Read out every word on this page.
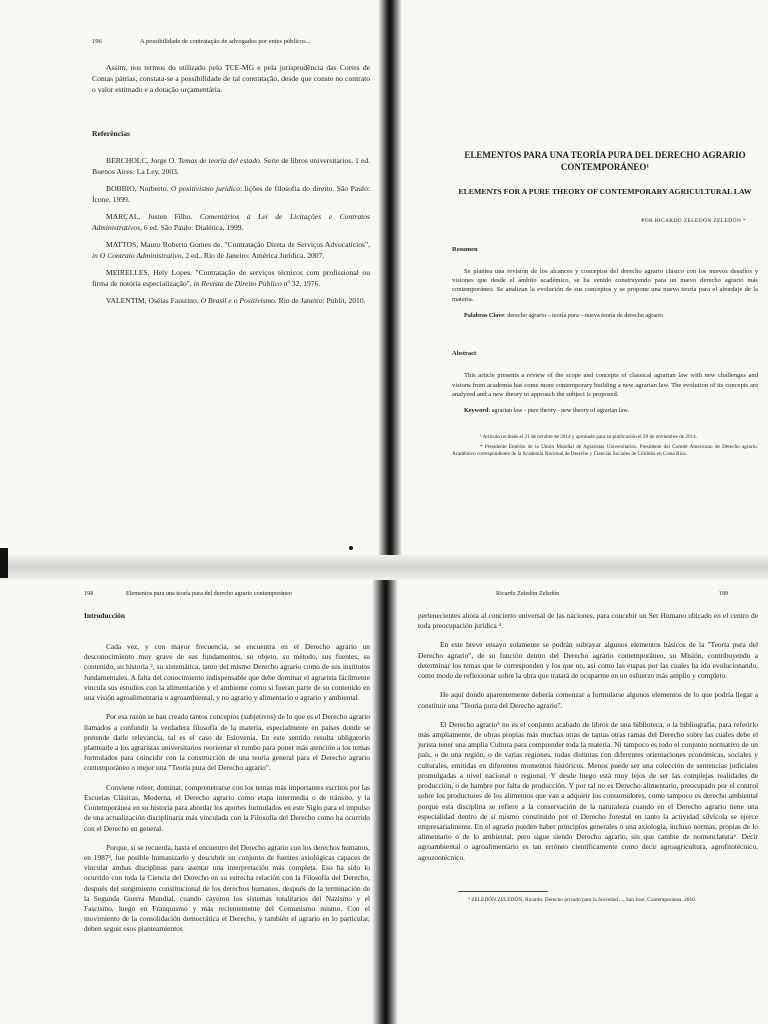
196	A possibilidade de contratação de advogados por entes públicos...

Assim, nos termos do utilizado pelo TCE-MG e pela jurisprudência das Cortes de Contas pátrias, constata-se a possibilidade de tal contratação, desde que conste no contrato o valor estimado e a dotação orçamentária.

Referências

BERCHOLC, Jorge O. Temas de teoría del estado. Serie de libros universitarios. 1 ed. Buenos Aires: La Ley, 2003.

BOBBIO, Norberto. O positivismo jurídico: lições de filosofia do direito. São Paulo: Ícone, 1999.

MARÇAL, Justen Filho. Comentários à Lei de Licitações e Contratos Administrativos, 6 ed. São Paulo: Dialética, 1999.

MATTOS, Mauro Roberto Gomes de. "Contratação Direta de Serviços Advocatícios", in O Contrato Administrativo, 2 ed., Rio de Janeiro: América Jurídica. 2007.

MEIRELLES, Hely Lopes. "Contratação de serviços técnicos com profissional ou firma de notória especialização", in Revista de Direito Público nº 32, 1976.

VALENTIM, Oséias Faustino. O Brasil e o Positivismo. Rio de Janeiro: Publit, 2010.

ELEMENTOS PARA UNA TEORÍA PURA DEL DERECHO AGRARIO CONTEMPORÁNEO¹
ELEMENTS FOR A PURE THEORY OF CONTEMPORARY AGRICULTURAL LAW
POR RICARDO ZELEDÓN ZELEDÓN *
Resumen

Se plantea una revisión de los alcances y conceptos del derecho agrario clásico con los nuevos desafíos y visiones que desde el ámbito académico, se ha venido construyendo para un nuevo derecho agrario más contemporáneo. Se analizan la evolución de sus conceptos y se propone una nueva teoría para el abordaje de la materia.

Palabras Clave: derecho agrario – teoría pura – nueva teoría de derecho agrario

Abstract

This article presents a review of the scope and concepts of classical agrarian law with new challenges and visions from academia has come more contemporary building a new agrarian law. The evolution of its concepts are analyzed and a new theory to approach the subject is proposed.

Keyword: agrarian law - pure theory - new theory of agrarian law.

¹ Artículo recibido el 21 de octubre de 2014 y aprobado para su publicación el 29 de noviembre de 2014.

* Presidente Emérito de la Unión Mundial de Agraristas Universitarios. Presidente del Comité Americano de Derecho agrario. Académico correspondiente de la Academia Nacional de Derecho y Ciencias Sociales de Córdoba en Costa Rica.

198	Elementos para una teoría pura del derecho agrario contemporáneo
Introducción

Cada vez, y con mayor frecuencia, se encuentra en el Derecho agrario un desconocimiento muy grave de sus fundamentos, su objeto, su método, sus fuentes, su contenido, su historia ², su sistemática, tanto del mismo Derecho agrario como de sus institutos fundamentales. A falta del conocimiento indispensable que debe dominar el agrarista fácilmente vincula sus estudios con la alimentación y el ambiente como si fueran parte de su contenido en una visión agroalimentaria o agroambiental, y no agrario y alimentario o agrario y ambiental.

Por esa razón se han creado tantos conceptos (subjetivos) de lo que es el Derecho agrario llamados a confundir la verdadera filosofía de la materia, especialmente en países donde se pretende darle relevancia, tal es el caso de Eslovenia. En este sentido resulta obligatorio plantearle a los agraristas universitarios reorientar el rumbo para poner más atención a los temas formulados para coincidir con la construcción de una teoría general para el Derecho agrario contemporáneo o mejor una "Teoría pura del Derecho agrario".

Conviene releer, dominar, comprenetrarse con los temas más importantes escritos por las Escuelas Clásicas, Moderna, el Derecho agrario como etapa intermedia o de tránsito, y la Contemporánea en su historia para abordar los aportes formulados en este Siglo para el impulso de una actualización disciplinaria más vinculada con la Filosofía del Derecho como ha ocurrido con el Derecho en general.

Porque, si se recuerda, hasta el encuentro del Derecho agrario con los derechos humanos, en 1987³, fue posible humanizarlo y descubrir un conjunto de fuentes axiológicas capaces de vincular ambas disciplinas para asentar una interpretación más completa. Eso ha sido lo ocurrido con toda la Ciencia del Derecho en su estrecha relación con la Filosofía del Derecho, después del surgimiento constitucional de los derechos humanos, después de la terminación de la Segunda Guerra Mundial, cuando cayeron los sistemas totalitarios del Nazismo y el Fascismo, luego en Franquismo y más recientemente del Comunismo mismo. Con el movimiento de la consolidación democrática el Derecho, y también el agrario en lo particular, deben seguir esos planteamientos

Ricardo Zeledón Zeledón	199

pertenecientes ahora al concierto universal de las naciones, para concebir un Ser Humano ubicado en el centro de toda preocupación jurídica ⁴.

En este breve ensayo solamente se podrán subrayar algunos elementos básicos de la "Teoría pura del Derecho agrario", de su función dentro del Derecho agrario contemporáneo, su Misión, contribuyendo a determinar los temas que le corresponden y los que no, así como las etapas por las cuales ha ido evolucionando, como modo de reflexionar sobre la obra que tratará de ocuparme en un esfuerzo más amplio y completo.

He aquí donde aparentemente debería comenzar a formularse algunos elementos de lo que podría llegar a constituir una "Teoría pura del Derecho agrario".

El Derecho agrario⁵ no es el conjunto acabado de libros de una biblioteca, o la bibliografía, para referirlo más ampliamente, de obras propias más muchas otras de tantas otras ramas del Derecho sobre las cuales debe el jurista tener una amplia Cultura para comprender toda la materia. Ni tampoco es todo el conjunto normativo de un país, o de una región, o de varias regiones, todas distintas con diferentes orientaciones económicas, sociales y culturales, emitidas en diferentes momentos históricos. Menos puede ser una colección de sentencias judiciales promulgadas a nivel nacional o regional. Y desde luego está muy lejos de ser las complejas realidades de producción, o de hambre por falta de producción. Y por tal no es Derecho alimentario, preocupado por el control sobre los productores de los alimentos que van a adquirir los consumidores, como tampoco es derecho ambiental porque esta disciplina se refiere a la conservación de la naturaleza cuando en el Derecho agrario tiene una especialidad dentro de sí mismo constituido por el Derecho forestal en tanto la actividad silvícola se ejerce empresarialmente. En el agrario pueden haber principios generales o una axiología, incluso normas, propias de lo alimentario o de lo ambiental, pero sigue siendo Derecho agrario, sin que cambie de nomenclatura⁶. Decir agroambiental o agroalimentario es tan erróneo científicamente como decir agroagricultura, agrofitotécnico, agrozootécnico.

⁴ ZELEDÓN ZELEDÓN, Ricardo. Derecho privado para la Sociedad ..., San José, Contemporánea, 2010.
